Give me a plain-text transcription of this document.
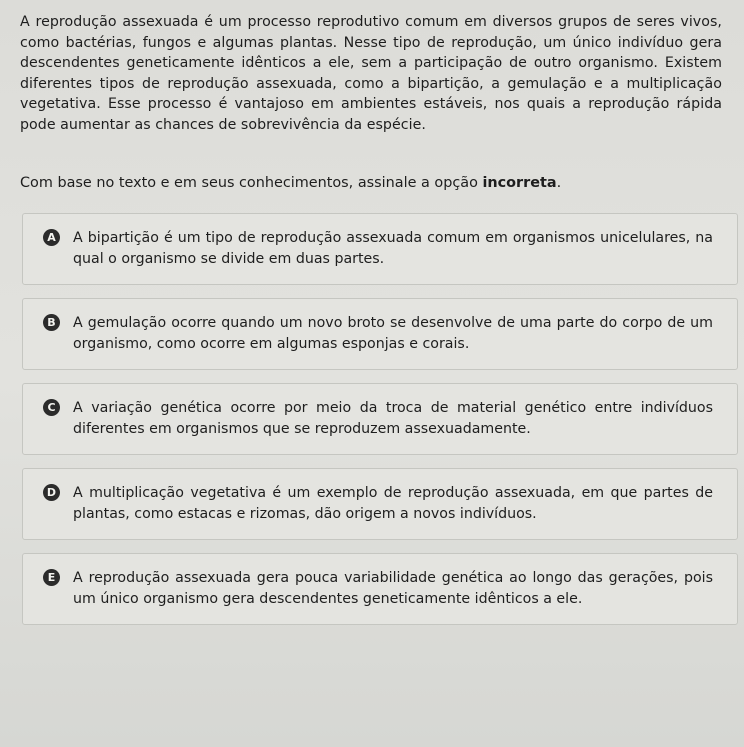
A reprodução assexuada é um processo reprodutivo comum em diversos grupos de seres vivos, como bactérias, fungos e algumas plantas. Nesse tipo de reprodução, um único indivíduo gera descendentes geneticamente idênticos a ele, sem a participação de outro organismo. Existem diferentes tipos de reprodução assexuada, como a bipartição, a gemulação e a multiplicação vegetativa. Esse processo é vantajoso em ambientes estáveis, nos quais a reprodução rápida pode aumentar as chances de sobrevivência da espécie.

Com base no texto e em seus conhecimentos, assinale a opção incorreta.

A A bipartição é um tipo de reprodução assexuada comum em organismos unicelulares, na qual o organismo se divide em duas partes.
B	A gemulação ocorre quando um novo broto se desenvolve de uma parte do corpo de um organismo, como ocorre em algumas esponjas e corais.
C	A variação genética ocorre por meio da troca de material genético entre indivíduos diferentes em organismos que se reproduzem assexuadamente.
D A multiplicação vegetativa é um exemplo de reprodução assexuada, em que partes de plantas, como estacas e rizomas, dão origem a novos indivíduos.
E	A reprodução assexuada gera pouca variabilidade genética ao longo das gerações, pois um único organismo gera descendentes geneticamente idênticos a ele.
